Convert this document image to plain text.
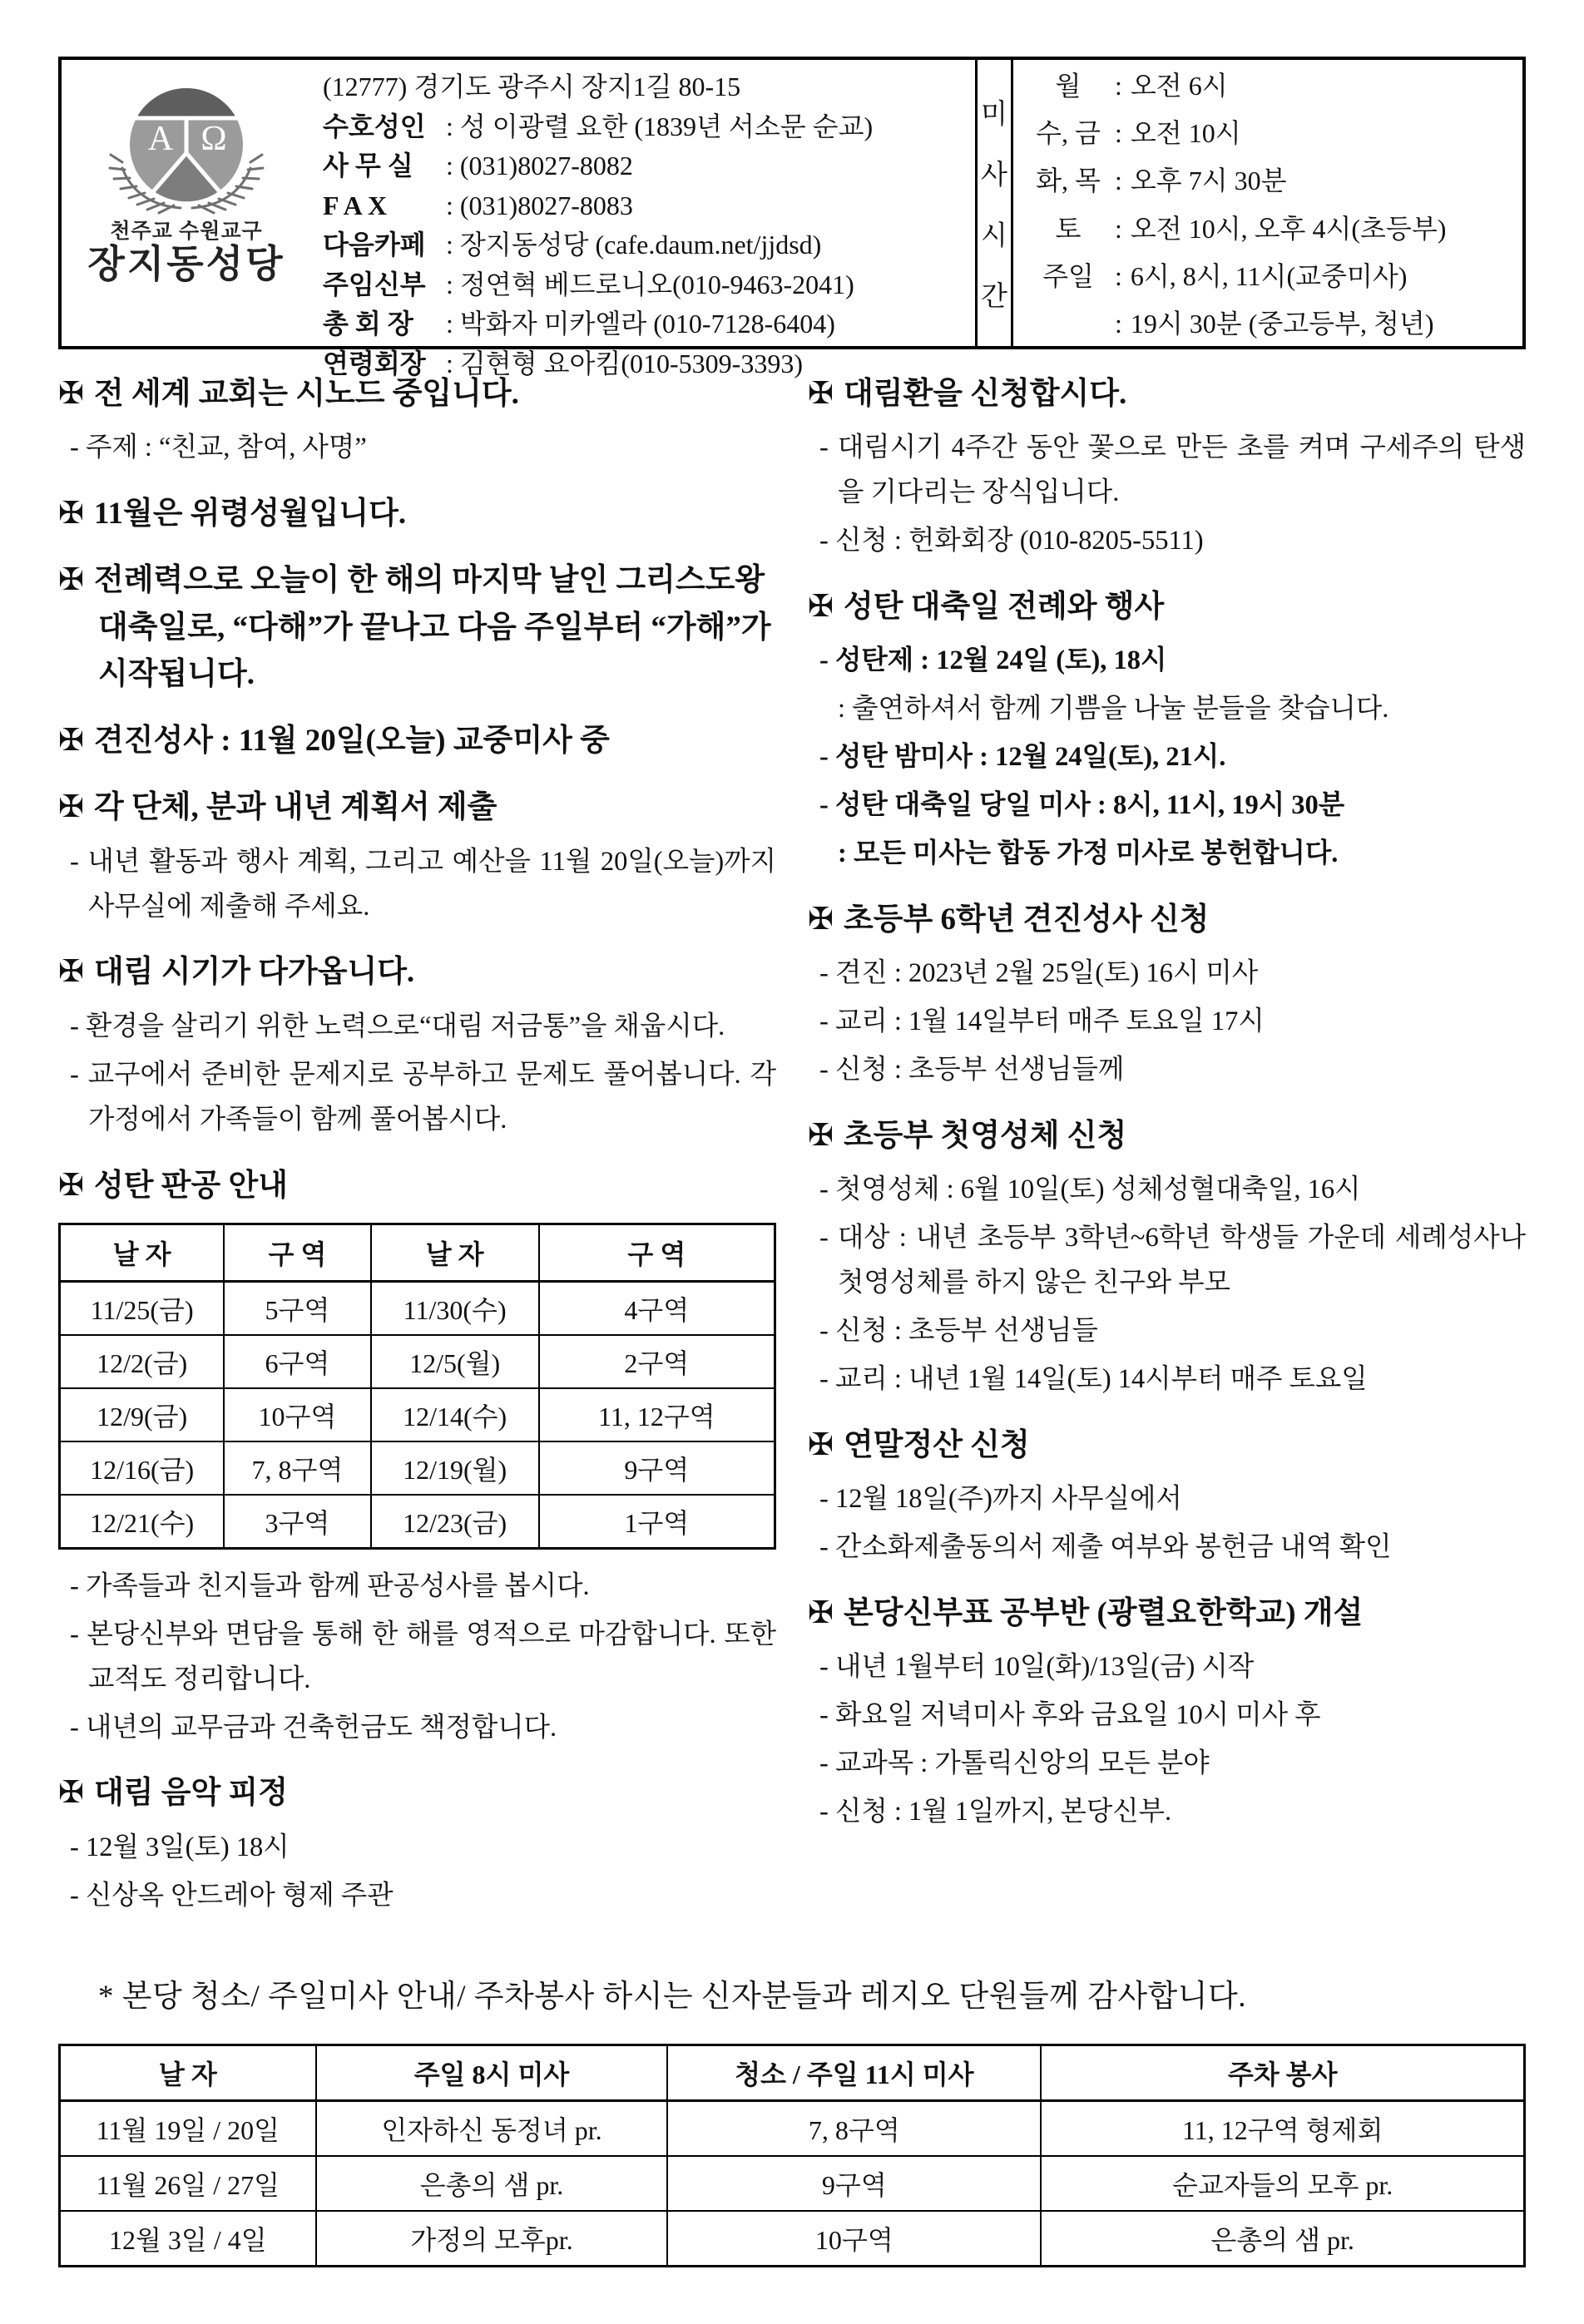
A Ω
천주교 수원교구
장지동성당
(12777) 경기도 광주시 장지1길 80-15
수호성인 : 성 이광렬 요한 (1839년 서소문 순교)
사 무 실 : (031)8027-8082
F A X : (031)8027-8083
다음카페 : 장지동성당 (cafe.daum.net/jjdsd)
주임신부 : 정연혁 베드로니오(010-9463-2041)
총 회 장 : 박화자 미카엘라 (010-7128-6404)
연령회장 : 김현형 요아킴(010-5309-3393)
미
사
시
간
월 : 오전 6시
수, 금 : 오전 10시
화, 목 : 오후 7시 30분
토 : 오전 10시, 오후 4시(초등부)
주일 : 6시, 8시, 11시(교중미사)
: 19시 30분 (중고등부, 청년)
✠ 전 세계 교회는 시노드 중입니다.

- 주제 : “친교, 참여, 사명”

✠ 11월은 위령성월입니다.
✠ 전례력으로 오늘이 한 해의 마지막 날인 그리스도왕대축일로, “다해”가 끝나고 다음 주일부터 “가해”가 시작됩니다.
✠ 견진성사 : 11월 20일(오늘) 교중미사 중
✠ 각 단체, 분과 내년 계획서 제출

- 내년 활동과 행사 계획, 그리고 예산을 11월 20일(오늘)까지 사무실에 제출해 주세요.

✠ 대림 시기가 다가옵니다.

- 환경을 살리기 위한 노력으로“대림 저금통”을 채웁시다.

- 교구에서 준비한 문제지로 공부하고 문제도 풀어봅니다. 각 가정에서 가족들이 함께 풀어봅시다.

✠ 성탄 판공 안내
날 자	구 역	날 자	구 역
11/25(금)	5구역	11/30(수)	4구역
12/2(금)	6구역	12/5(월)	2구역
12/9(금)	10구역	12/14(수)	11, 12구역
12/16(금)	7, 8구역	12/19(월)	9구역
12/21(수)	3구역	12/23(금)	1구역

- 가족들과 친지들과 함께 판공성사를 봅시다.

- 본당신부와 면담을 통해 한 해를 영적으로 마감합니다. 또한 교적도 정리합니다.

- 내년의 교무금과 건축헌금도 책정합니다.

✠ 대림 음악 피정

- 12월 3일(토) 18시

- 신상옥 안드레아 형제 주관

✠ 대림환을 신청합시다.

- 대림시기 4주간 동안 꽃으로 만든 초를 켜며 구세주의 탄생을 기다리는 장식입니다.

- 신청 : 헌화회장 (010-8205-5511)

✠ 성탄 대축일 전례와 행사

- 성탄제 : 12월 24일 (토), 18시

: 출연하셔서 함께 기쁨을 나눌 분들을 찾습니다.

- 성탄 밤미사 : 12월 24일(토), 21시.

- 성탄 대축일 당일 미사 : 8시, 11시, 19시 30분

: 모든 미사는 합동 가정 미사로 봉헌합니다.

✠ 초등부 6학년 견진성사 신청

- 견진 : 2023년 2월 25일(토) 16시 미사

- 교리 : 1월 14일부터 매주 토요일 17시

- 신청 : 초등부 선생님들께

✠ 초등부 첫영성체 신청

- 첫영성체 : 6월 10일(토) 성체성혈대축일, 16시

- 대상 : 내년 초등부 3학년~6학년 학생들 가운데 세례성사나 첫영성체를 하지 않은 친구와 부모

- 신청 : 초등부 선생님들

- 교리 : 내년 1월 14일(토) 14시부터 매주 토요일

✠ 연말정산 신청

- 12월 18일(주)까지 사무실에서

- 간소화제출동의서 제출 여부와 봉헌금 내역 확인

✠ 본당신부표 공부반 (광렬요한학교) 개설

- 내년 1월부터 10일(화)/13일(금) 시작

- 화요일 저녁미사 후와 금요일 10시 미사 후

- 교과목 : 가톨릭신앙의 모든 분야

- 신청 : 1월 1일까지, 본당신부.

* 본당 청소/ 주일미사 안내/ 주차봉사 하시는 신자분들과 레지오 단원들께 감사합니다.

날 자	주일 8시 미사	청소 / 주일 11시 미사	주차 봉사
11월 19일 / 20일	인자하신 동정녀 pr.	7, 8구역	11, 12구역 형제회
11월 26일 / 27일	은총의 샘 pr.	9구역	순교자들의 모후 pr.
12월 3일 / 4일	가정의 모후pr.	10구역	은총의 샘 pr.
